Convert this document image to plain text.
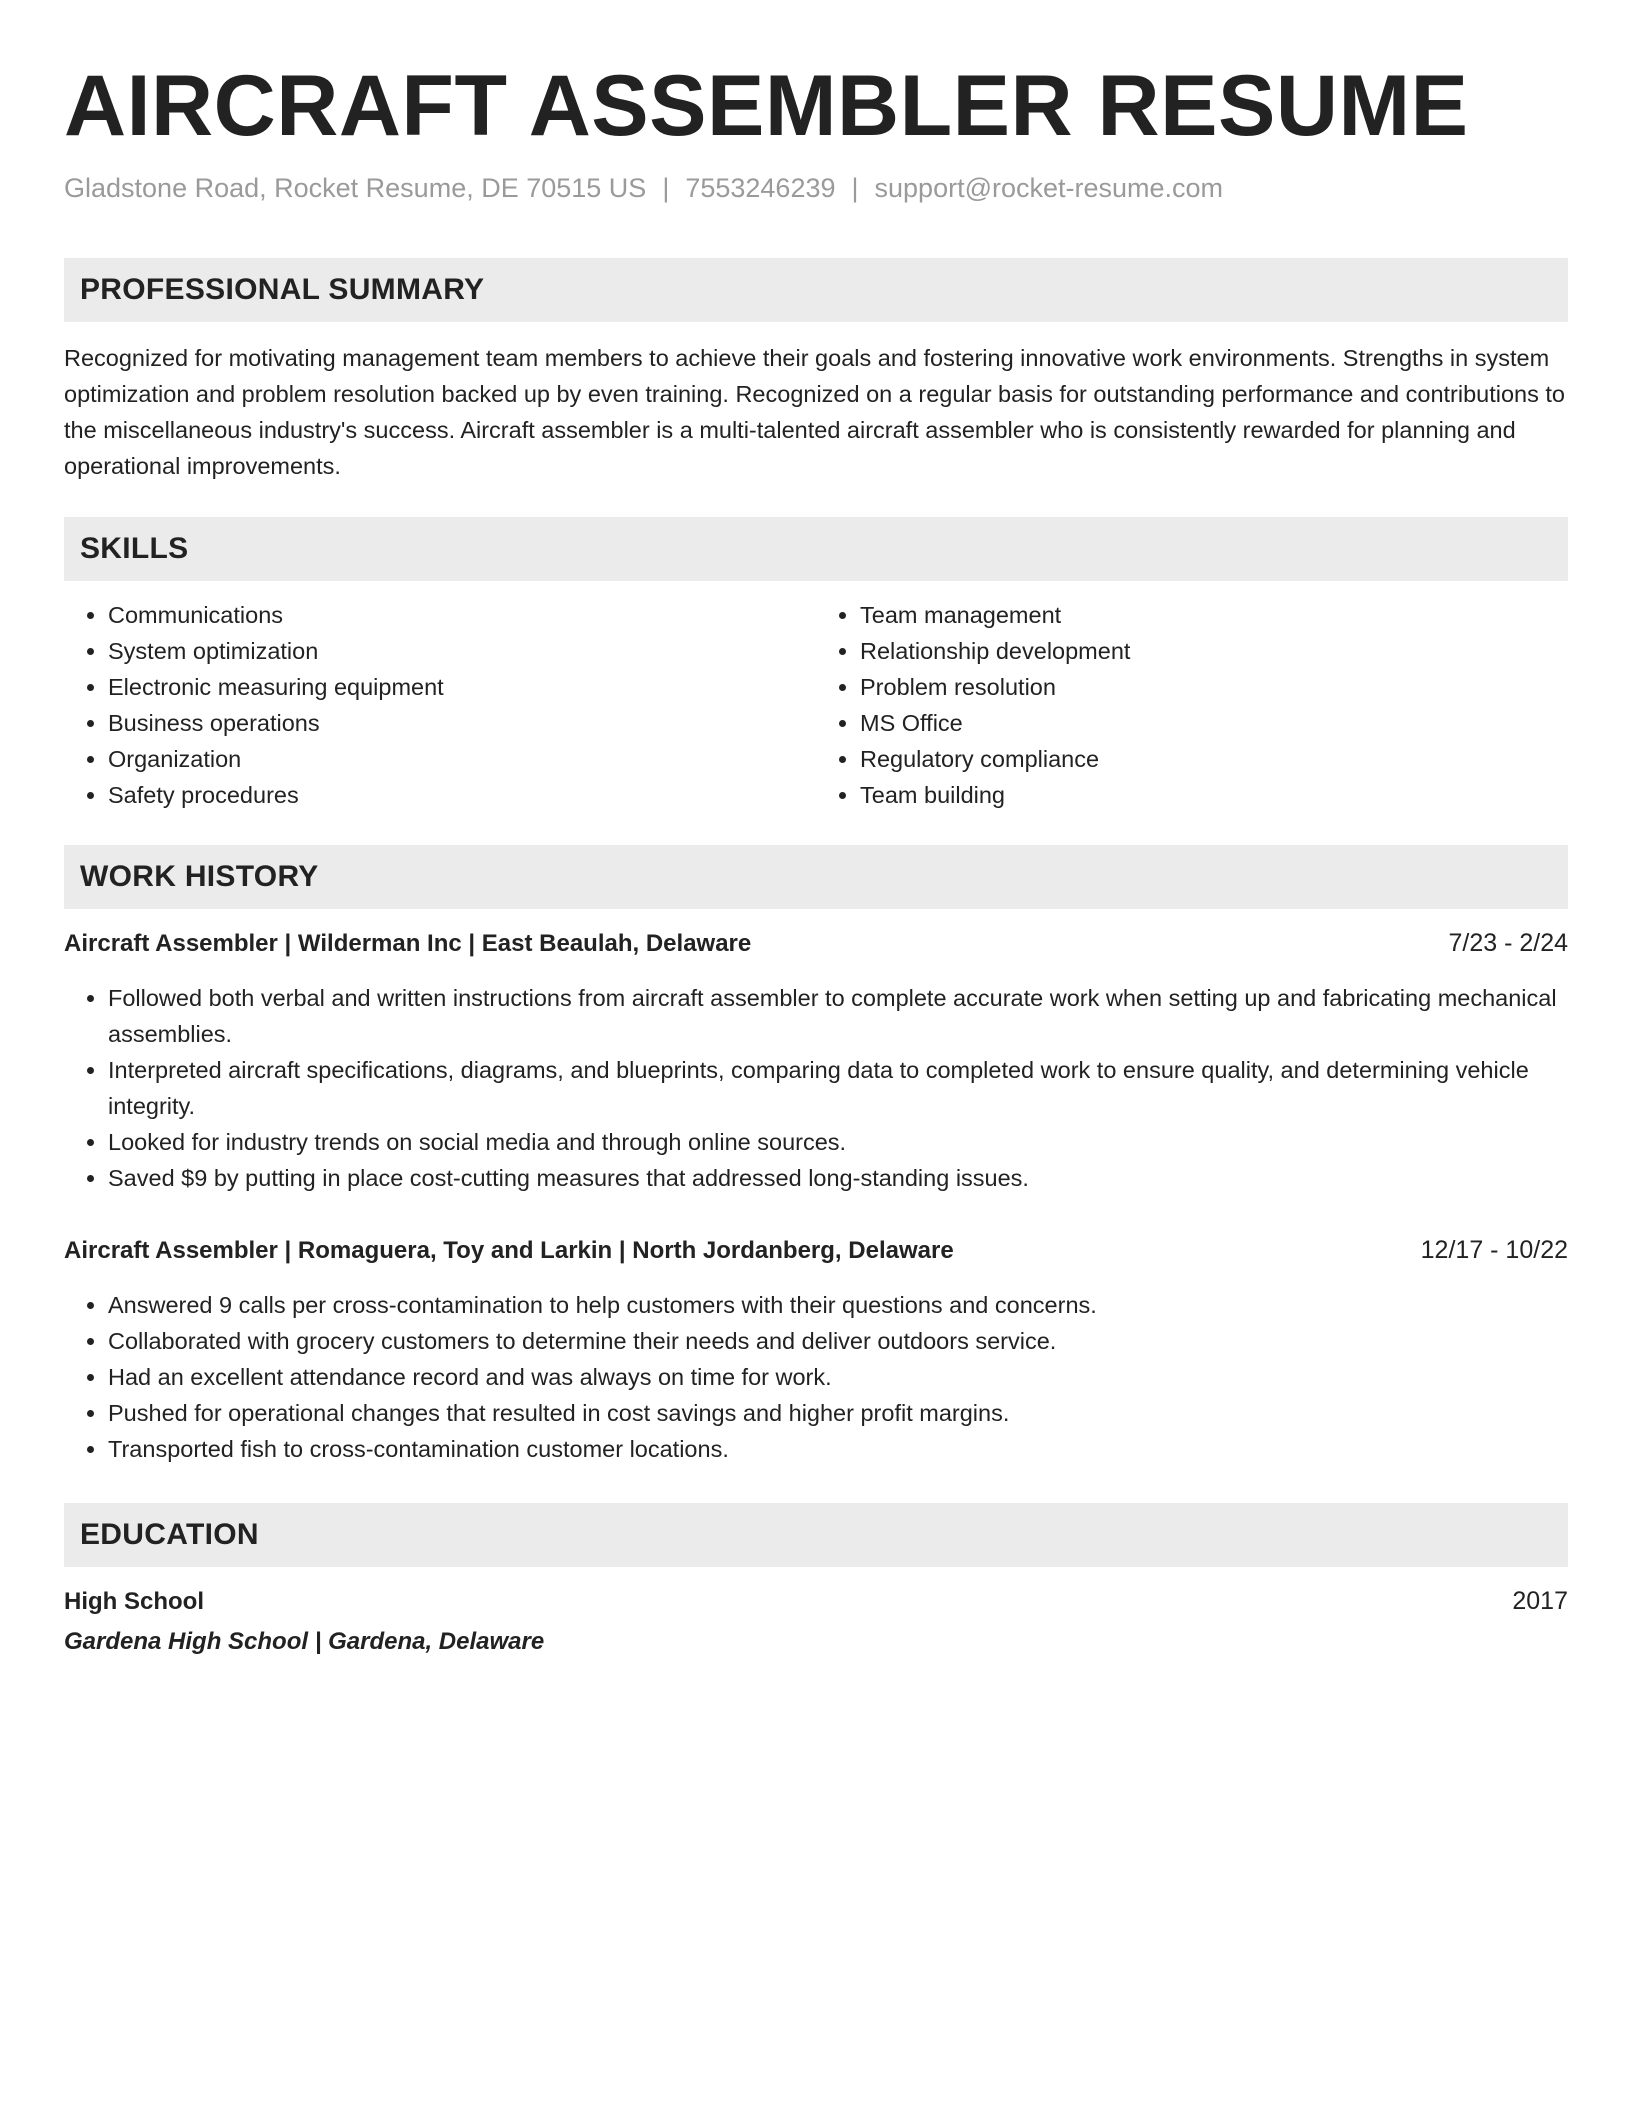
AIRCRAFT ASSEMBLER RESUME
Gladstone Road, Rocket Resume, DE 70515 US | 7553246239 | support@rocket-resume.com
PROFESSIONAL SUMMARY

Recognized for motivating management team members to achieve their goals and fostering innovative work environments. Strengths in system optimization and problem resolution backed up by even training. Recognized on a regular basis for outstanding performance and contributions to the miscellaneous industry's success. Aircraft assembler is a multi-talented aircraft assembler who is consistently rewarded for planning and operational improvements.

SKILLS
• Communications
• System optimization
• Electronic measuring equipment
• Business operations
• Organization
• Safety procedures
• Team management
• Relationship development
• Problem resolution
• MS Office
• Regulatory compliance
• Team building
WORK HISTORY
Aircraft Assembler | Wilderman Inc | East Beaulah, Delaware	7/23 - 2/24
• Followed both verbal and written instructions from aircraft assembler to complete accurate work when setting up and fabricating mechanical assemblies.
• Interpreted aircraft specifications, diagrams, and blueprints, comparing data to completed work to ensure quality, and determining vehicle integrity.
• Looked for industry trends on social media and through online sources.
• Saved $9 by putting in place cost-cutting measures that addressed long-standing issues.
Aircraft Assembler | Romaguera, Toy and Larkin | North Jordanberg, Delaware	12/17 - 10/22
• Answered 9 calls per cross-contamination to help customers with their questions and concerns.
• Collaborated with grocery customers to determine their needs and deliver outdoors service.
• Had an excellent attendance record and was always on time for work.
• Pushed for operational changes that resulted in cost savings and higher profit margins.
• Transported fish to cross-contamination customer locations.
EDUCATION
High School	2017
Gardena High School | Gardena, Delaware
